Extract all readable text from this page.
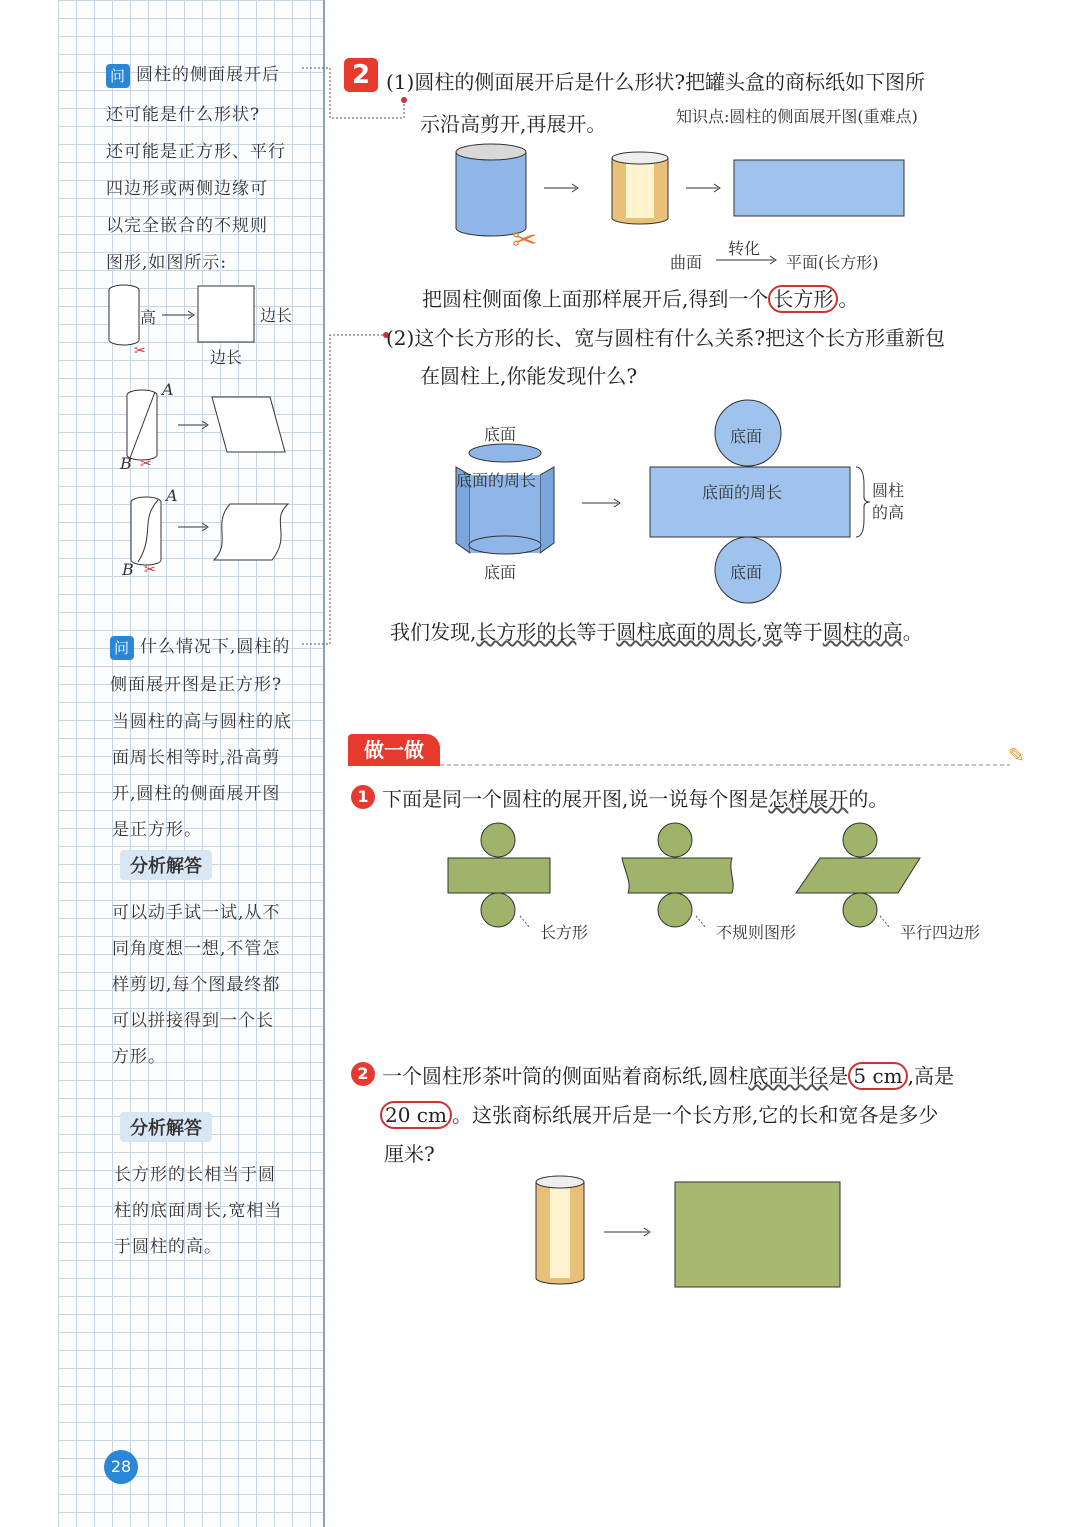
问 圆柱的侧面展开后
还可能是什么形状?
还可能是正方形、平行
四边形或两侧边缘可
以完全嵌合的不规则
图形,如图所示:
✂
✂
✂
高	边长
边长
A
B
A
B
问 什么情况下,圆柱的
侧面展开图是正方形?
当圆柱的高与圆柱的底
面周长相等时,沿高剪
开,圆柱的侧面展开图
是正方形。
分析解答
可以动手试一试,从不
同角度想一想,不管怎
样剪切,每个图最终都
可以拼接得到一个长
方形。
分析解答
长方形的长相当于圆
柱的底面周长,宽相当
于圆柱的高。
28
2 (1)圆柱的侧面展开后是什么形状?把罐头盒的商标纸如下图所
示沿高剪开,再展开。	知识点:圆柱的侧面展开图(重难点)
✂
曲面
转化
平面(长方形)
把圆柱侧面像上面那样展开后,得到一个 长方形 。
(2)这个长方形的长、宽与圆柱有什么关系?把这个长方形重新包
在圆柱上,你能发现什么?
底面
底面的周长
底面
底面
底面的周长
底面
圆柱
的高
我们发现,长方形的长等于圆柱底面的周长,宽等于圆柱的高。
做一做	✎
1 下面是同一个圆柱的展开图,说一说每个图是怎样展开的。
长方形	不规则图形	平行四边形
2 一个圆柱形茶叶筒的侧面贴着商标纸,圆柱底面半径是 5 cm ,高是
20 cm 。这张商标纸展开后是一个长方形,它的长和宽各是多少
厘米?
